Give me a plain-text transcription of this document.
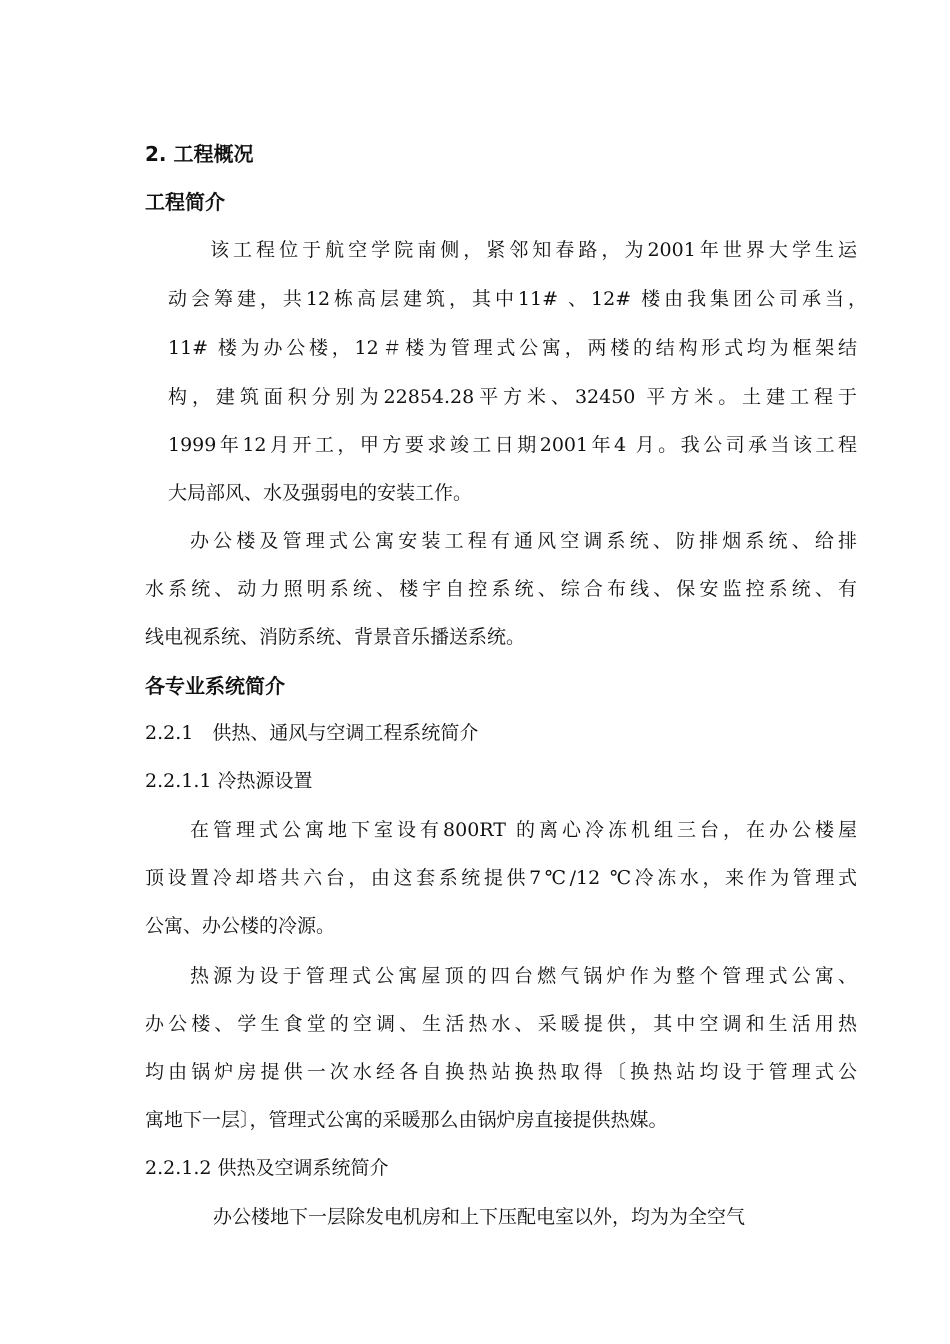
2. 工程概况
工程简介
该工程位于航空学院南侧，紧邻知春路，为2001年世界大学生运
动会筹建，共12栋高层建筑，其中11# 、12# 楼由我集团公司承当，
11# 楼为办公楼，12＃楼为管理式公寓，两楼的结构形式均为框架结
构，建筑面积分别为22854.28平方米、32450 平方米。土建工程于
1999年12月开工，甲方要求竣工日期2001年4 月。我公司承当该工程
大局部风、水及强弱电的安装工作。
办公楼及管理式公寓安装工程有通风空调系统、防排烟系统、给排
水系统、动力照明系统、楼宇自控系统、综合布线、保安监控系统、有
线电视系统、消防系统、背景音乐播送系统。
各专业系统简介
2.2.1　供热、通风与空调工程系统简介
2.2.1.1 冷热源设置
在管理式公寓地下室设有800RT 的离心冷冻机组三台，在办公楼屋
顶设置冷却塔共六台，由这套系统提供7℃/12 ℃冷冻水，来作为管理式
公寓、办公楼的冷源。
热源为设于管理式公寓屋顶的四台燃气锅炉作为整个管理式公寓、
办公楼、学生食堂的空调、生活热水、采暖提供，其中空调和生活用热
均由锅炉房提供一次水经各自换热站换热取得〔换热站均设于管理式公
寓地下一层〕，管理式公寓的采暖那么由锅炉房直接提供热媒。
2.2.1.2 供热及空调系统简介
办公楼地下一层除发电机房和上下压配电室以外，均为为全空气
